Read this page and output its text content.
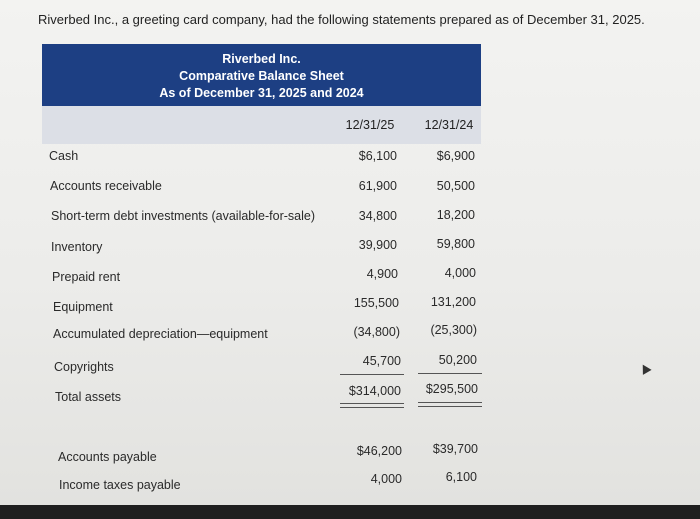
Riverbed Inc., a greeting card company, had the following statements prepared as of December 31, 2025.
Riverbed Inc.
Comparative Balance Sheet
As of December 31, 2025 and 2024
12/31/25	12/31/24
Cash
Accounts receivable
Short-term debt investments (available-for-sale)
Inventory
Prepaid rent
Equipment
Accumulated depreciation—equipment
Copyrights
Total assets
Accounts payable
Income taxes payable
$6,100
61,900
34,800
39,900
4,900
155,500
(34,800)
45,700
$314,000
$46,200
4,000
$6,900
50,500
18,200
59,800
4,000
131,200
(25,300)
50,200
$295,500
$39,700
6,100
